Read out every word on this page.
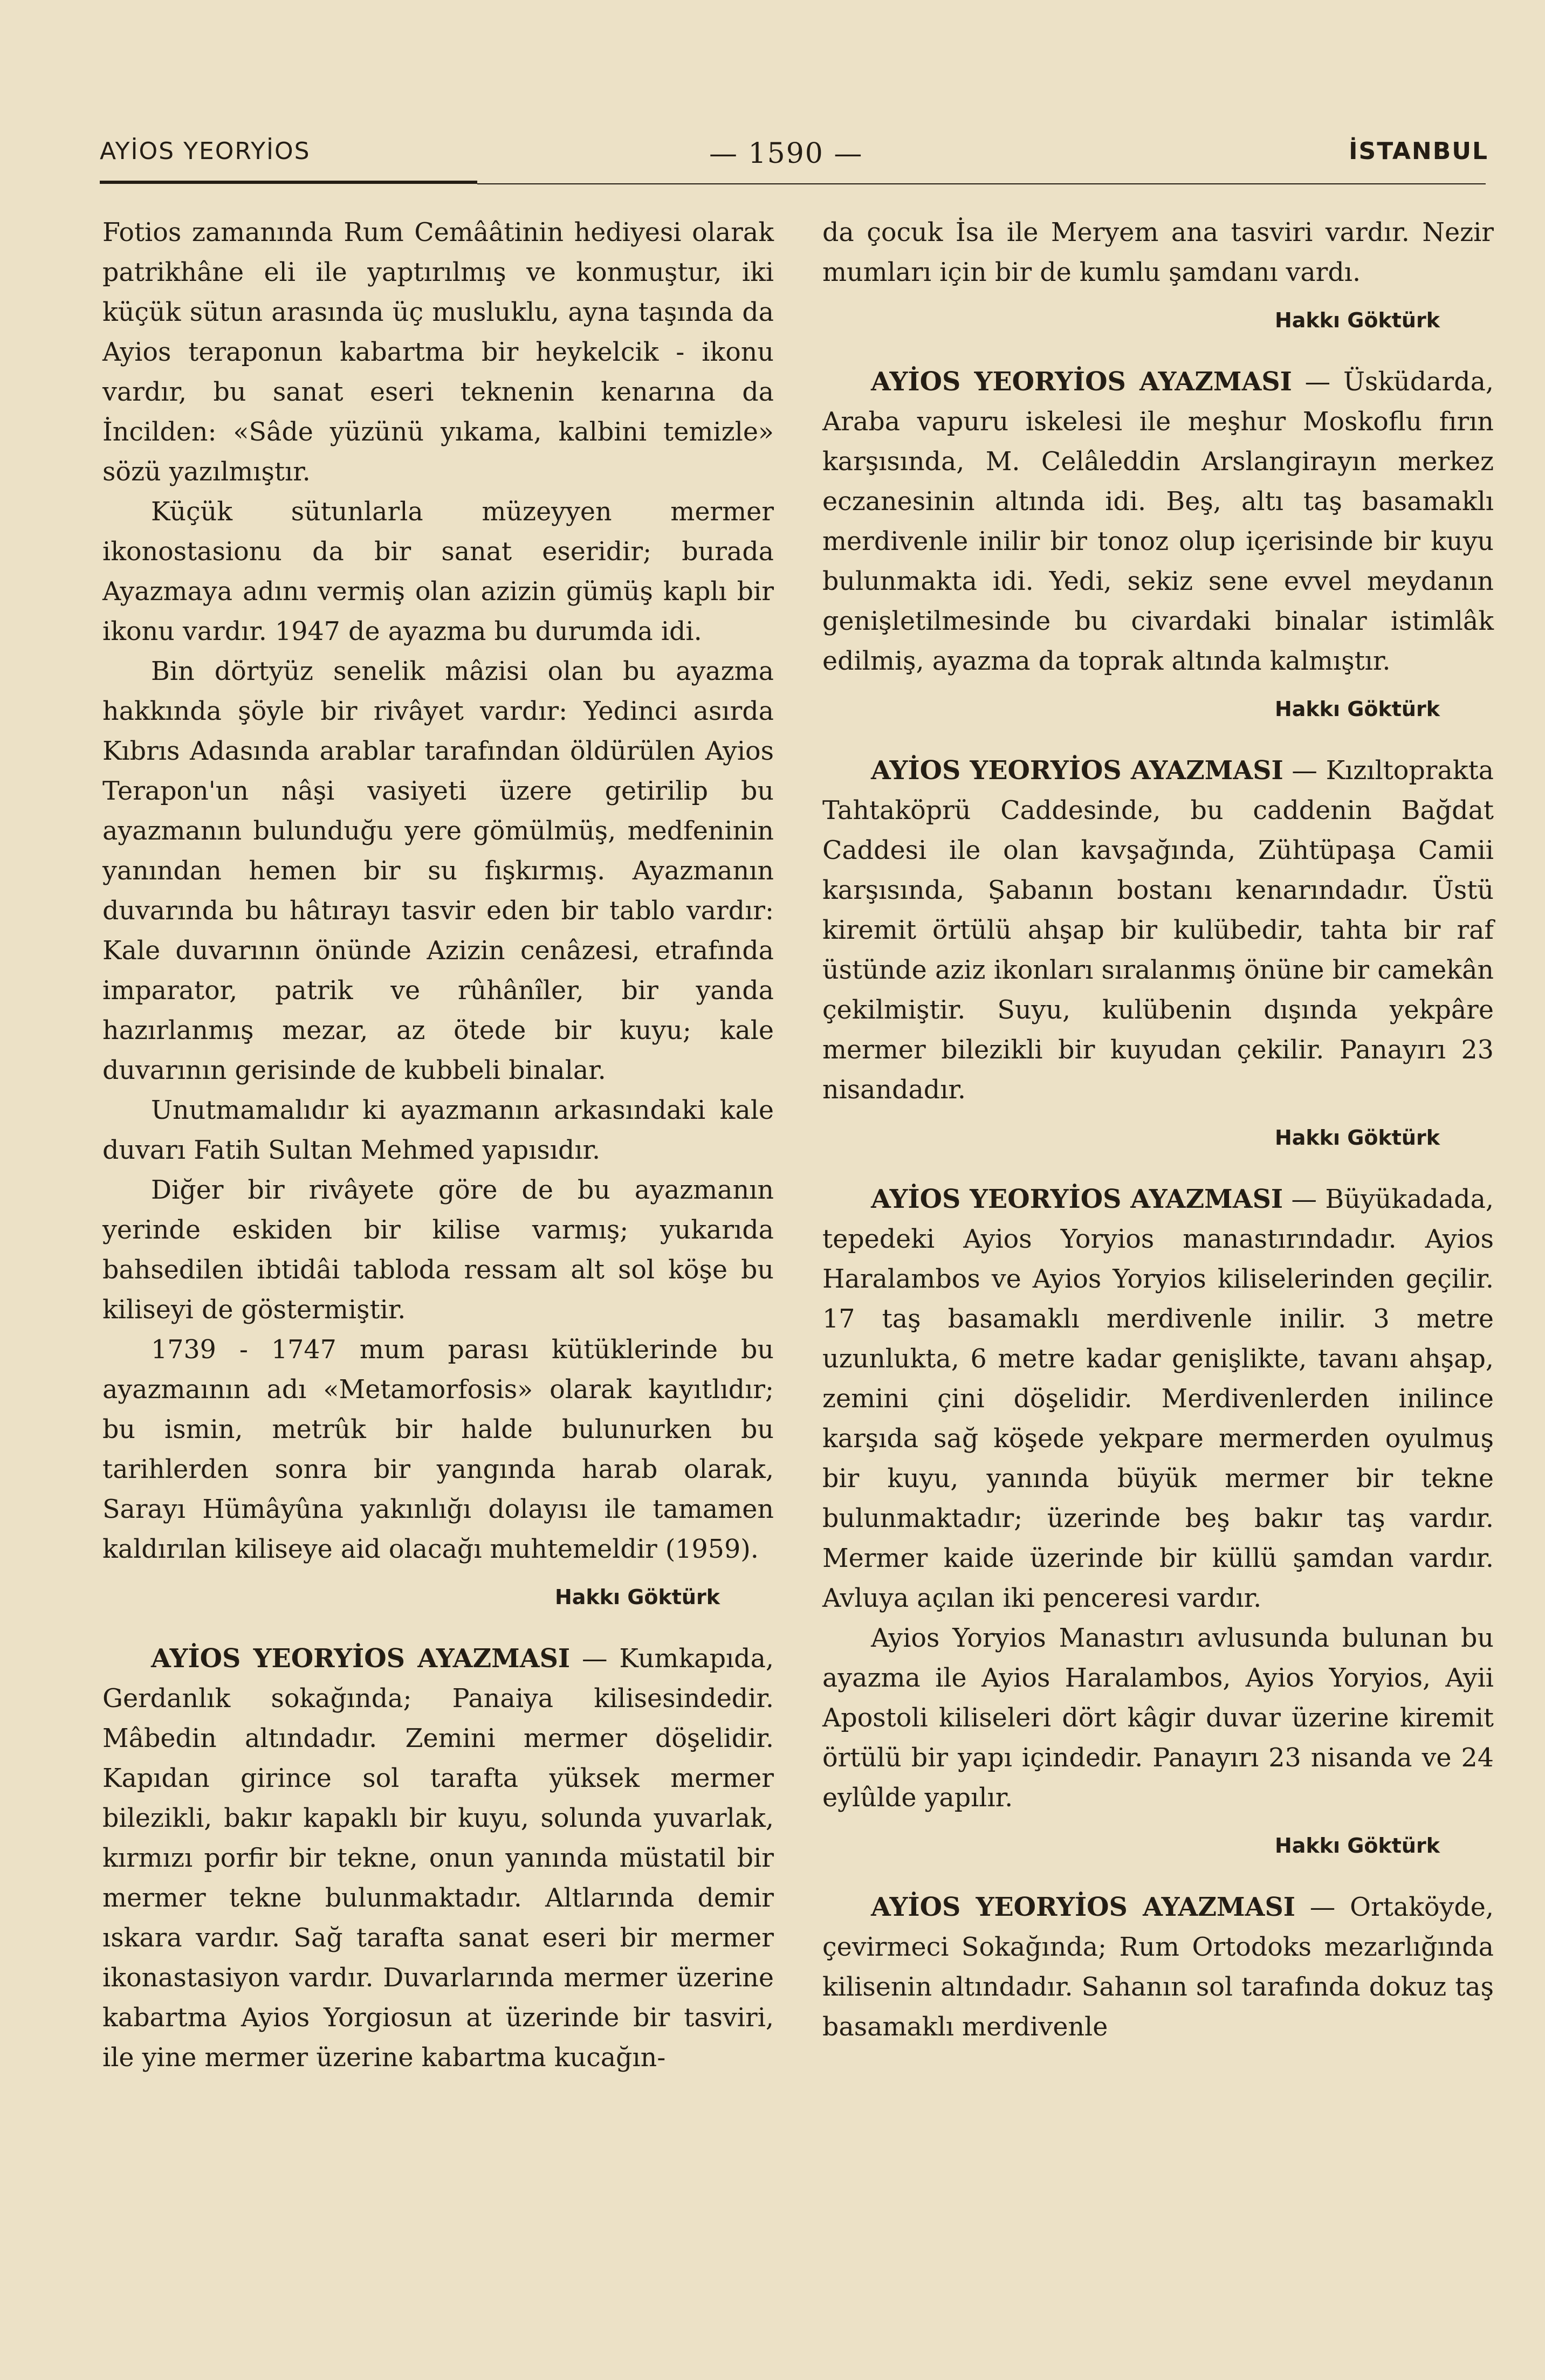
AYİOS YEORYİOS	— 1590 —	İSTANBUL

Fotios zamanında Rum Cemââtinin hediyesi olarak patrikhâne eli ile yaptırılmış ve konmuştur, iki küçük sütun arasında üç musluklu, ayna taşında da Ayios teraponun kabartma bir heykelcik - ikonu vardır, bu sanat eseri teknenin kenarına da İncilden: «Sâde yüzünü yıkama, kalbini temizle» sözü yazılmıştır.

Küçük sütunlarla müzeyyen mermer ikonostasionu da bir sanat eseridir; burada Ayazmaya adını vermiş olan azizin gümüş kaplı bir ikonu vardır. 1947 de ayazma bu durumda idi.

Bin dörtyüz senelik mâzisi olan bu ayazma hakkında şöyle bir rivâyet vardır: Yedinci asırda Kıbrıs Adasında arablar tarafından öldürülen Ayios Terapon'un nâşi vasiyeti üzere getirilip bu ayazmanın bulunduğu yere gömülmüş, medfeninin yanından hemen bir su fışkırmış. Ayazmanın duvarında bu hâtırayı tasvir eden bir tablo vardır: Kale duvarının önünde Azizin cenâzesi, etrafında imparator, patrik ve rûhânîler, bir yanda hazırlanmış mezar, az ötede bir kuyu; kale duvarının gerisinde de kubbeli binalar.

Unutmamalıdır ki ayazmanın arkasındaki kale duvarı Fatih Sultan Mehmed yapısıdır.

Diğer bir rivâyete göre de bu ayazmanın yerinde eskiden bir kilise varmış; yukarıda bahsedilen ibtidâi tabloda ressam alt sol köşe bu kiliseyi de göstermiştir.

1739 - 1747 mum parası kütüklerinde bu ayazmaının adı «Metamorfosis» olarak kayıtlıdır; bu ismin, metrûk bir halde bulunurken bu tarihlerden sonra bir yangında harab olarak, Sarayı Hümâyûna yakınlığı dolayısı ile tamamen kaldırılan kiliseye aid olacağı muhtemeldir (1959).

Hakkı Göktürk

AYİOS YEORYİOS AYAZMASI — Kumkapıda, Gerdanlık sokağında; Panaiya kilisesindedir. Mâbedin altındadır. Zemini mermer döşelidir. Kapıdan girince sol tarafta yüksek mermer bilezikli, bakır kapaklı bir kuyu, solunda yuvarlak, kırmızı porfir bir tekne, onun yanında müstatil bir mermer tekne bulunmaktadır. Altlarında demir ıskara vardır. Sağ tarafta sanat eseri bir mermer ikonastasiyon vardır. Duvarlarında mermer üzerine kabartma Ayios Yorgiosun at üzerinde bir tasviri, ile yine mermer üzerine kabartma kucağın-

da çocuk İsa ile Meryem ana tasviri vardır. Nezir mumları için bir de kumlu şamdanı vardı.

Hakkı Göktürk

AYİOS YEORYİOS AYAZMASI — Üsküdarda, Araba vapuru iskelesi ile meşhur Moskoflu fırın karşısında, M. Celâleddin Arslangirayın merkez eczanesinin altında idi. Beş, altı taş basamaklı merdivenle inilir bir tonoz olup içerisinde bir kuyu bulunmakta idi. Yedi, sekiz sene evvel meydanın genişletilmesinde bu civardaki binalar istimlâk edilmiş, ayazma da toprak altında kalmıştır.

Hakkı Göktürk

AYİOS YEORYİOS AYAZMASI — Kızıltoprakta Tahtaköprü Caddesinde, bu caddenin Bağdat Caddesi ile olan kavşağında, Zühtüpaşa Camii karşısında, Şabanın bostanı kenarındadır. Üstü kiremit örtülü ahşap bir kulübedir, tahta bir raf üstünde aziz ikonları sıralanmış önüne bir camekân çekilmiştir. Suyu, kulübenin dışında yekpâre mermer bilezikli bir kuyudan çekilir. Panayırı 23 nisandadır.

Hakkı Göktürk

AYİOS YEORYİOS AYAZMASI — Büyükadada, tepedeki Ayios Yoryios manastırındadır. Ayios Haralambos ve Ayios Yoryios kiliselerinden geçilir. 17 taş basamaklı merdivenle inilir. 3 metre uzunlukta, 6 metre kadar genişlikte, tavanı ahşap, zemini çini döşelidir. Merdivenlerden inilince karşıda sağ köşede yekpare mermerden oyulmuş bir kuyu, yanında büyük mermer bir tekne bulunmaktadır; üzerinde beş bakır taş vardır. Mermer kaide üzerinde bir küllü şamdan vardır. Avluya açılan iki penceresi vardır.

Ayios Yoryios Manastırı avlusunda bulunan bu ayazma ile Ayios Haralambos, Ayios Yoryios, Ayii Apostoli kiliseleri dört kâgir duvar üzerine kiremit örtülü bir yapı içindedir. Panayırı 23 nisanda ve 24 eylûlde yapılır.

Hakkı Göktürk

AYİOS YEORYİOS AYAZMASI — Ortaköyde, çevirmeci Sokağında; Rum Ortodoks mezarlığında kilisenin altındadır. Sahanın sol tarafında dokuz taş basamaklı merdivenle
